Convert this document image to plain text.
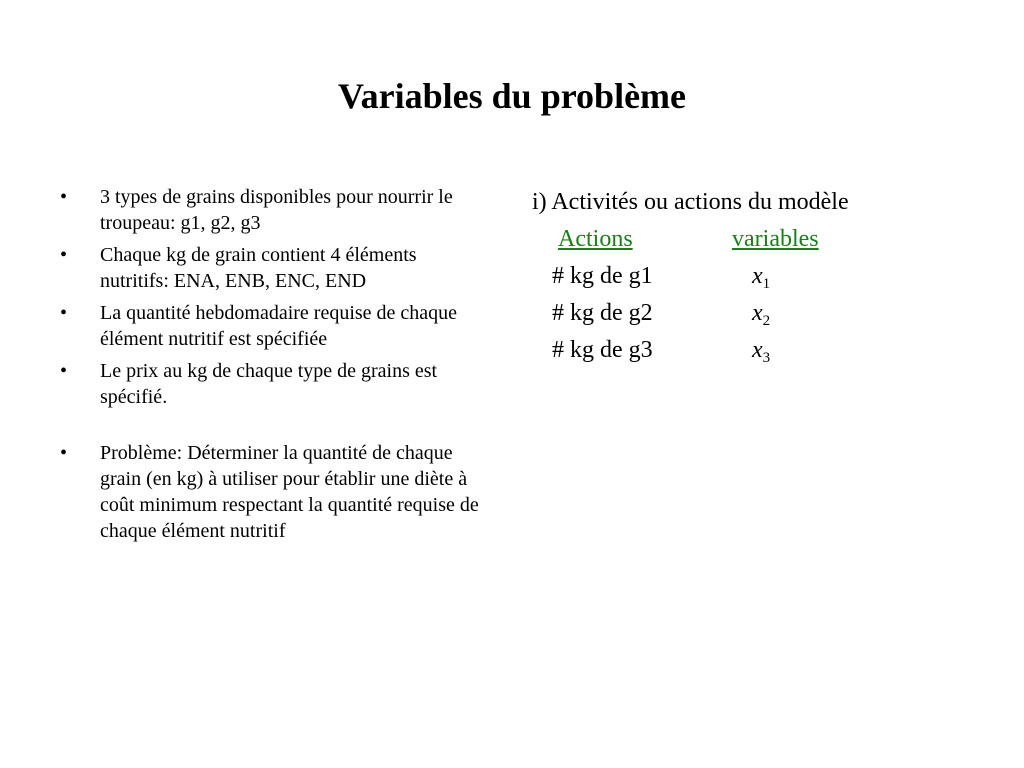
Variables du problème
• 3 types de grains disponibles pour nourrir le troupeau: g1, g2, g3
• Chaque kg de grain contient 4 éléments nutritifs: ENA, ENB, ENC, END
• La quantité hebdomadaire requise de chaque élément nutritif est spécifiée
• Le prix au kg de chaque type de grains est spécifié.
• Problème: Déterminer la quantité de chaque grain (en kg) à utiliser pour établir une diète à coût minimum respectant la quantité requise de chaque élément nutritif
i) Activités ou actions du modèle
Actions	variables
# kg de g1	$x_1$
# kg de g2	$x_2$
# kg de g3	$x_3$
